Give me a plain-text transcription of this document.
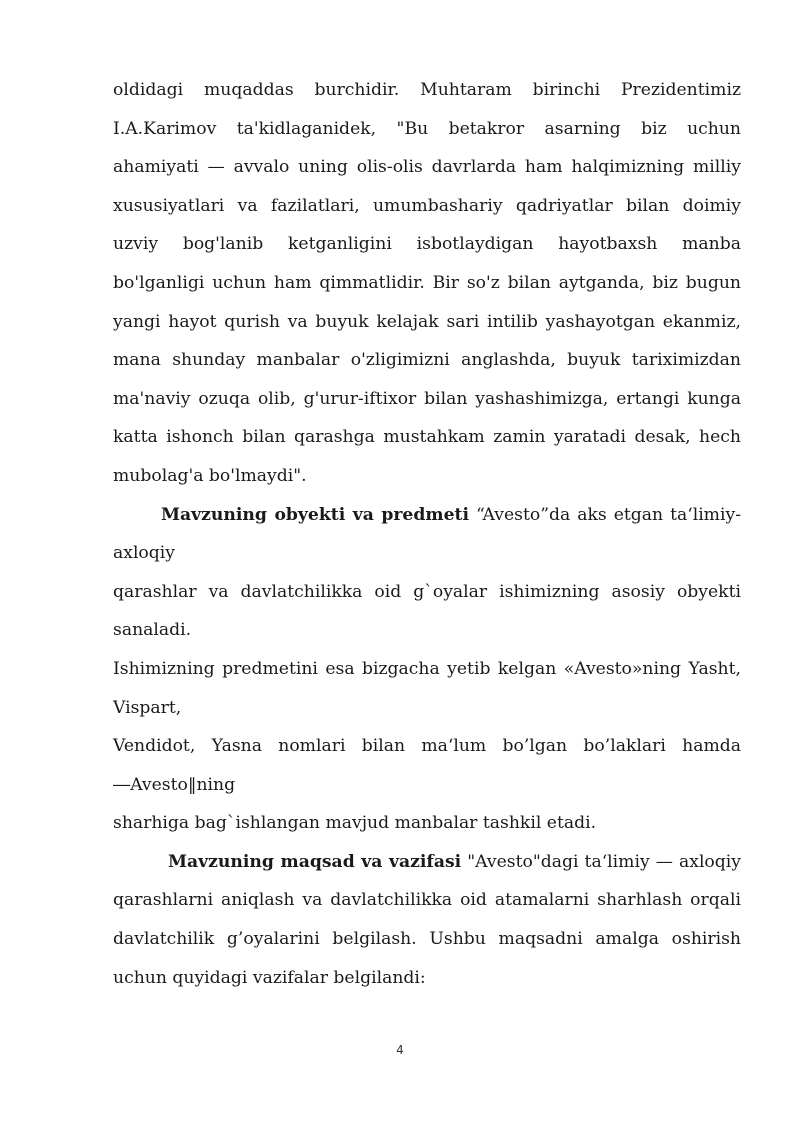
oldidagi muqaddas burchidir. Muhtaram birinchi Prezidentimiz
I.A.Karimov ta'kidlaganidek, "Bu betakror asarning biz uchun
ahamiyati — avvalo uning olis-olis davrlarda ham halqimizning milliy
xususiyatlari va fazilatlari, umumbashariy qadriyatlar bilan doimiy
uzviy bog'lanib ketganligini isbotlaydigan hayotbaxsh manba
bo'lganligi uchun ham qimmatlidir. Bir so'z bilan aytganda, biz bugun
yangi hayot qurish va buyuk kelajak sari intilib yashayotgan ekanmiz,
mana shunday manbalar o'zligimizni anglashda, buyuk tariximizdan
ma'naviy ozuqa olib, g'urur-iftixor bilan yashashimizga, ertangi kunga
katta ishonch bilan qarashga mustahkam zamin yaratadi desak, hech
mubolag'a bo'lmaydi".
Mavzuning obyekti va predmeti “Avesto”da aks etgan ta‘limiy-
axloqiy
qarashlar va davlatchilikka oid g`oyalar ishimizning asosiy obyekti
sanaladi.
Ishimizning predmetini esa bizgacha yetib kelgan «Avesto»ning Yasht,
Vispart,
Vendidot, Yasna nomlari bilan ma‘lum bo’lgan bo’laklari hamda
―Avesto‖ning
sharhiga bag`ishlangan mavjud manbalar tashkil etadi.
Mavzuning maqsad va vazifasi "Avesto"dagi ta‘limiy — axloqiy
qarashlarni aniqlash va davlatchilikka oid atamalarni sharhlash orqali
davlatchilik g’oyalarini belgilash. Ushbu maqsadni amalga oshirish
uchun quyidagi vazifalar belgilandi:
4
